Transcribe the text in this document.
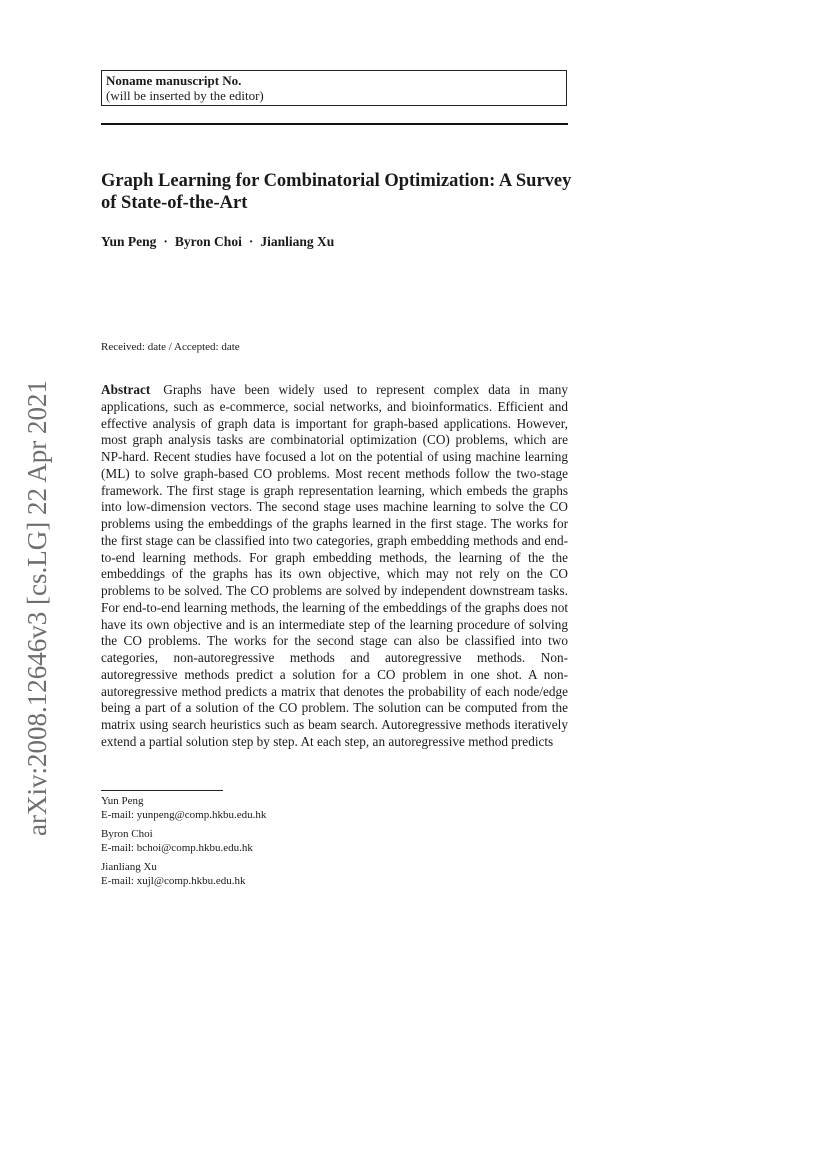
Noname manuscript No.
(will be inserted by the editor)
Graph Learning for Combinatorial Optimization: A Survey of State-of-the-Art
Yun Peng · Byron Choi · Jianliang Xu
Received: date / Accepted: date

Abstract Graphs have been widely used to represent complex data in many applications, such as e-commerce, social networks, and bioinformatics. Efficient and effective analysis of graph data is important for graph-based applications. However, most graph analysis tasks are combinatorial optimization (CO) problems, which are NP-hard. Recent studies have focused a lot on the potential of using machine learning (ML) to solve graph-based CO problems. Most recent methods follow the two-stage framework. The first stage is graph representation learning, which embeds the graphs into low-dimension vectors. The second stage uses machine learning to solve the CO problems using the embeddings of the graphs learned in the first stage. The works for the first stage can be classified into two categories, graph embedding methods and end-to-end learning methods. For graph embedding methods, the learning of the the embeddings of the graphs has its own objective, which may not rely on the CO problems to be solved. The CO problems are solved by independent downstream tasks. For end-to-end learning methods, the learning of the embeddings of the graphs does not have its own objective and is an intermediate step of the learning procedure of solving the CO problems. The works for the second stage can also be classified into two categories, non-autoregressive methods and autoregressive methods. Non-autoregressive methods predict a solution for a CO problem in one shot. A non-autoregressive method predicts a matrix that denotes the probability of each node/edge being a part of a solution of the CO problem. The solution can be computed from the matrix using search heuristics such as beam search. Autoregressive methods iteratively extend a partial solution step by step. At each step, an autoregressive method predicts

Yun Peng
E-mail: yunpeng@comp.hkbu.edu.hk
Byron Choi
E-mail: bchoi@comp.hkbu.edu.hk
Jianliang Xu
E-mail: xujl@comp.hkbu.edu.hk
arXiv:2008.12646v3 [cs.LG] 22 Apr 2021
